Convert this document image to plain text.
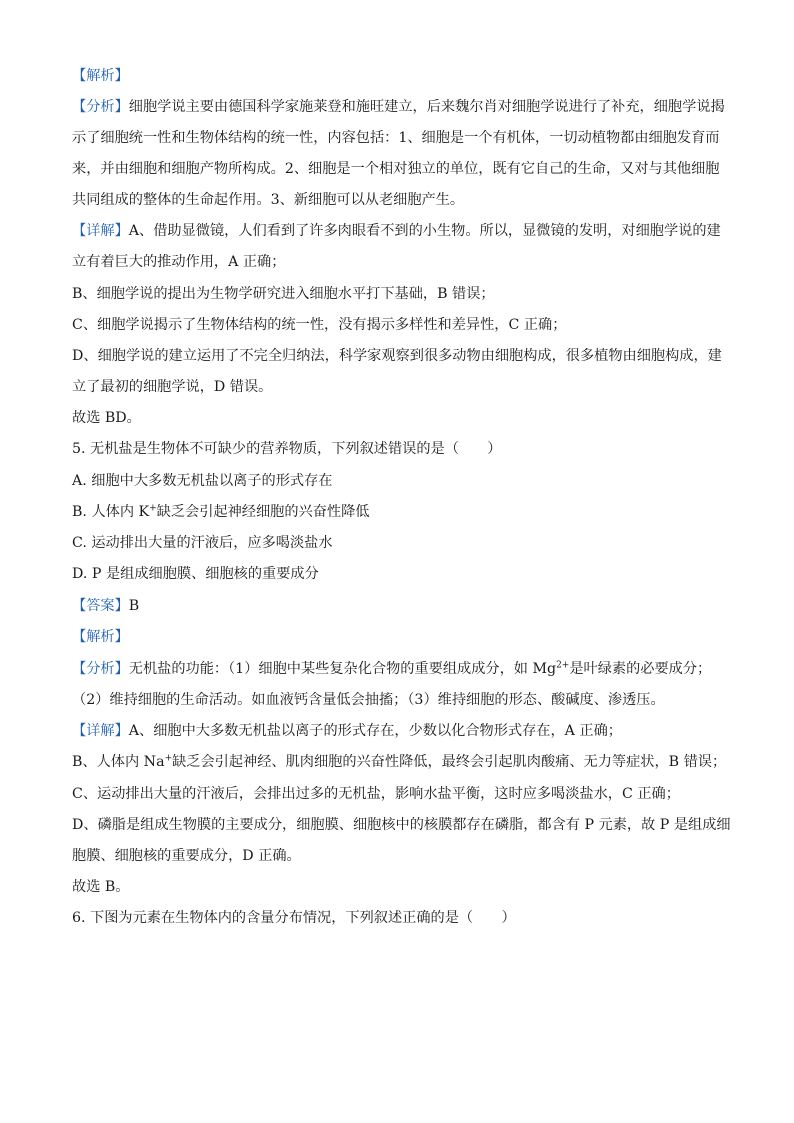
【解析】
【分析】细胞学说主要由德国科学家施莱登和施旺建立，后来魏尔肖对细胞学说进行了补充，细胞学说揭
示了细胞统一性和生物体结构的统一性，内容包括：1、细胞是一个有机体，一切动植物都由细胞发育而
来，并由细胞和细胞产物所构成。2、细胞是一个相对独立的单位，既有它自己的生命，又对与其他细胞
共同组成的整体的生命起作用。3、新细胞可以从老细胞产生。
【详解】A、借助显微镜，人们看到了许多肉眼看不到的小生物。所以，显微镜的发明，对细胞学说的建
立有着巨大的推动作用，A 正确；
B、细胞学说的提出为生物学研究进入细胞水平打下基础，B 错误；
C、细胞学说揭示了生物体结构的统一性，没有揭示多样性和差异性，C 正确；
D、细胞学说的建立运用了不完全归纳法，科学家观察到很多动物由细胞构成，很多植物由细胞构成，建
立了最初的细胞学说，D 错误。
故选 BD。
5. 无机盐是生物体不可缺少的营养物质，下列叙述错误的是（　　）
A. 细胞中大多数无机盐以离子的形式存在
B. 人体内 K+缺乏会引起神经细胞的兴奋性降低
C. 运动排出大量的汗液后，应多喝淡盐水
D. P 是组成细胞膜、细胞核的重要成分
【答案】B
【解析】
【分析】无机盐的功能：（1）细胞中某些复杂化合物的重要组成成分，如 $Mg^{2+}$是叶绿素的必要成分；
（2）维持细胞的生命活动。如血液钙含量低会抽搐；（3）维持细胞的形态、酸碱度、渗透压。
【详解】A、细胞中大多数无机盐以离子的形式存在，少数以化合物形式存在，A 正确；
B、人体内 Na+缺乏会引起神经、肌肉细胞的兴奋性降低，最终会引起肌肉酸痛、无力等症状，B 错误；
C、运动排出大量的汗液后，会排出过多的无机盐，影响水盐平衡，这时应多喝淡盐水，C 正确；
D、磷脂是组成生物膜的主要成分，细胞膜、细胞核中的核膜都存在磷脂，都含有 P 元素，故 P 是组成细
胞膜、细胞核的重要成分，D 正确。
故选 B。
6. 下图为元素在生物体内的含量分布情况，下列叙述正确的是（　　）
